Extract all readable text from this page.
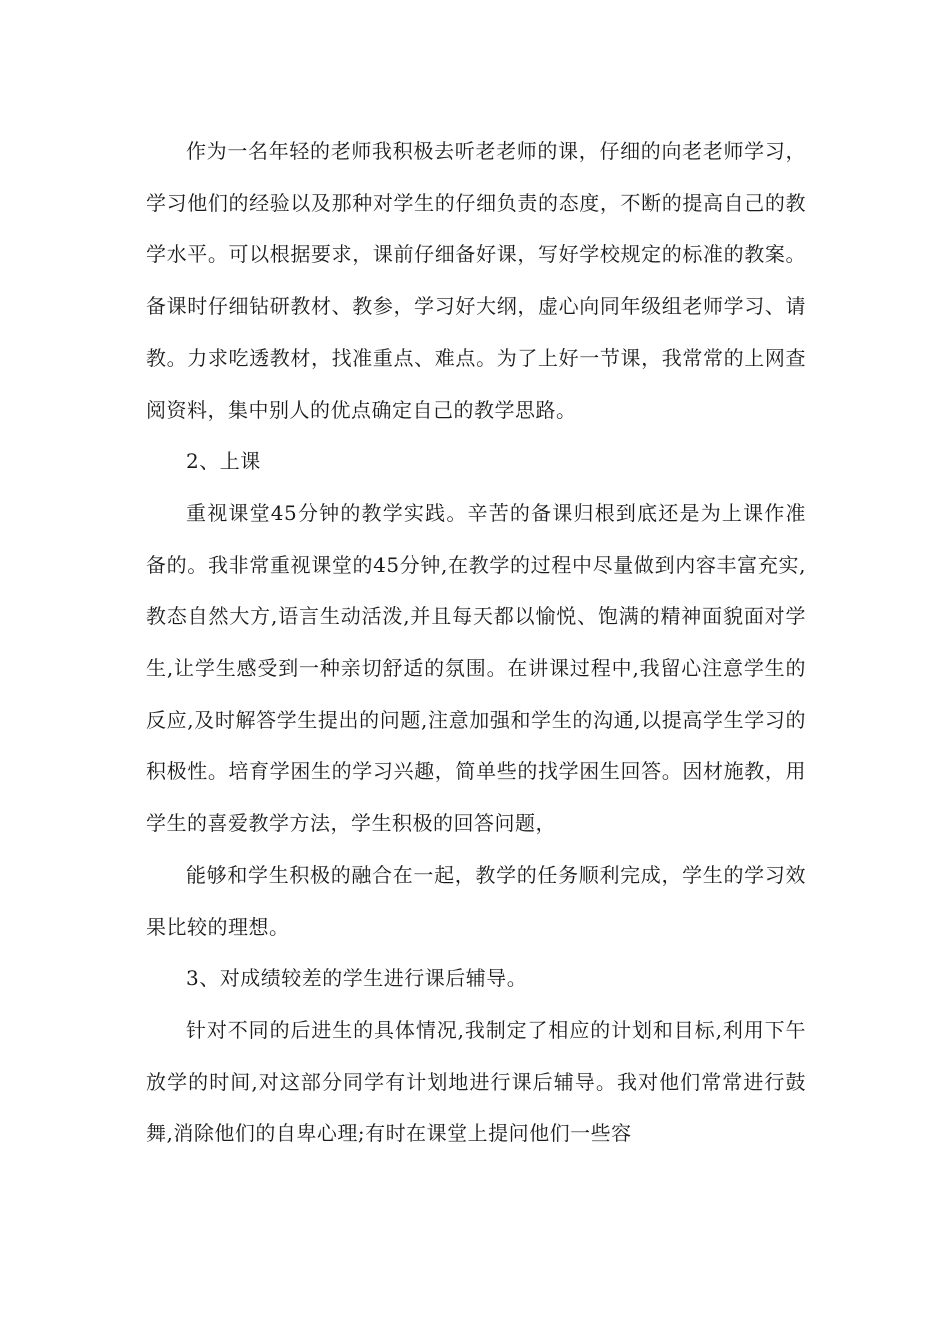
作为一名年轻的老师我积极去听老老师的课，仔细的向老老师学习，学习他们的经验以及那种对学生的仔细负责的态度，不断的提高自己的教学水平。可以根据要求，课前仔细备好课，写好学校规定的标准的教案。备课时仔细钻研教材、教参，学习好大纲，虚心向同年级组老师学习、请教。力求吃透教材，找准重点、难点。为了上好一节课，我常常的上网查阅资料，集中别人的优点确定自己的教学思路。

2、上课

重视课堂45分钟的教学实践。辛苦的备课归根到底还是为上课作准备的。我非常重视课堂的45分钟,在教学的过程中尽量做到内容丰富充实,教态自然大方,语言生动活泼,并且每天都以愉悦、饱满的精神面貌面对学生,让学生感受到一种亲切舒适的氛围。在讲课过程中,我留心注意学生的反应,及时解答学生提出的问题,注意加强和学生的沟通,以提高学生学习的积极性。培育学困生的学习兴趣，简单些的找学困生回答。因材施教，用学生的喜爱教学方法，学生积极的回答问题，

能够和学生积极的融合在一起，教学的任务顺利完成，学生的学习效果比较的理想。

3、对成绩较差的学生进行课后辅导。

针对不同的后进生的具体情况,我制定了相应的计划和目标,利用下午放学的时间,对这部分同学有计划地进行课后辅导。我对他们常常进行鼓舞,消除他们的自卑心理;有时在课堂上提问他们一些容
